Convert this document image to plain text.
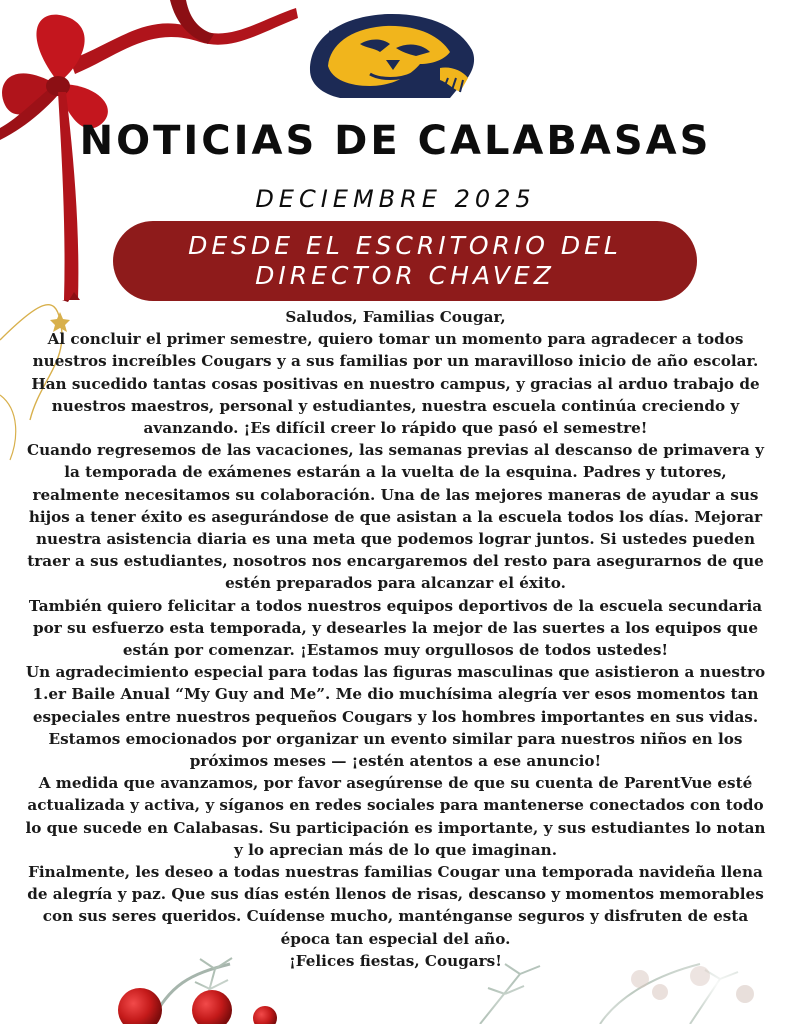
NOTICIAS DE CALABASAS
DECIEMBRE 2025
DESDE EL ESCRITORIO DEL DIRECTOR CHAVEZ

Saludos, Familias Cougar,

Al concluir el primer semestre, quiero tomar un momento para agradecer a todos nuestros increíbles Cougars y a sus familias por un maravilloso inicio de año escolar. Han sucedido tantas cosas positivas en nuestro campus, y gracias al arduo trabajo de nuestros maestros, personal y estudiantes, nuestra escuela continúa creciendo y avanzando. ¡Es difícil creer lo rápido que pasó el semestre!

Cuando regresemos de las vacaciones, las semanas previas al descanso de primavera y la temporada de exámenes estarán a la vuelta de la esquina. Padres y tutores, realmente necesitamos su colaboración. Una de las mejores maneras de ayudar a sus hijos a tener éxito es asegurándose de que asistan a la escuela todos los días. Mejorar nuestra asistencia diaria es una meta que podemos lograr juntos. Si ustedes pueden traer a sus estudiantes, nosotros nos encargaremos del resto para asegurarnos de que estén preparados para alcanzar el éxito.

También quiero felicitar a todos nuestros equipos deportivos de la escuela secundaria por su esfuerzo esta temporada, y desearles la mejor de las suertes a los equipos que están por comenzar. ¡Estamos muy orgullosos de todos ustedes!

Un agradecimiento especial para todas las figuras masculinas que asistieron a nuestro 1.er Baile Anual “My Guy and Me”. Me dio muchísima alegría ver esos momentos tan especiales entre nuestros pequeños Cougars y los hombres importantes en sus vidas. Estamos emocionados por organizar un evento similar para nuestros niños en los próximos meses — ¡estén atentos a ese anuncio!

A medida que avanzamos, por favor asegúrense de que su cuenta de ParentVue esté actualizada y activa, y síganos en redes sociales para mantenerse conectados con todo lo que sucede en Calabasas. Su participación es importante, y sus estudiantes lo notan y lo aprecian más de lo que imaginan.

Finalmente, les deseo a todas nuestras familias Cougar una temporada navideña llena de alegría y paz. Que sus días estén llenos de risas, descanso y momentos memorables con sus seres queridos. Cuídense mucho, manténganse seguros y disfruten de esta época tan especial del año.

¡Felices fiestas, Cougars!
